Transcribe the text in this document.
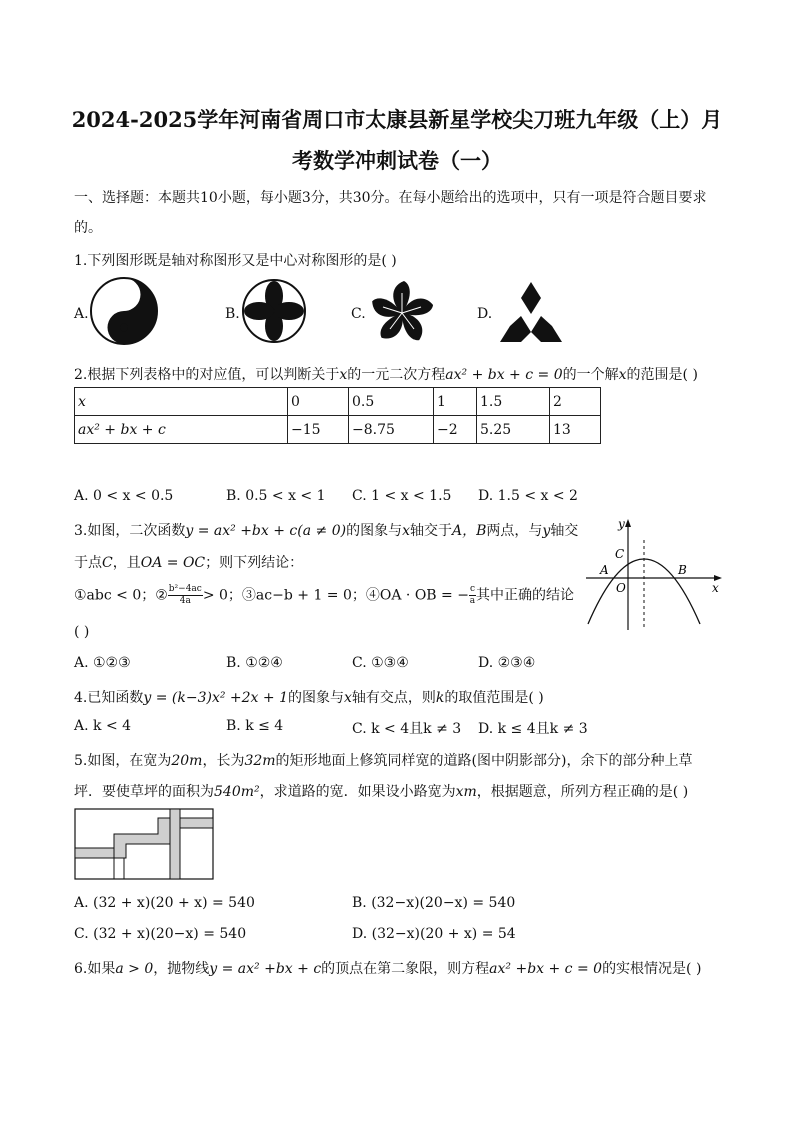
2024-2025学年河南省周口市太康县新星学校尖刀班九年级（上）月
考数学冲刺试卷（一）
一、选择题：本题共10小题，每小题3分，共30分。在每小题给出的选项中，只有一项是符合题目要求
的。
1.下列图形既是轴对称图形又是中心对称图形的是( )
A.	B.	C.	D.
2.根据下列表格中的对应值，可以判断关于x的一元二次方程ax² + bx + c = 0的一个解x的范围是( )
x	0	0.5	1	1.5	2
ax² + bx + c	−15	−8.75	−2	5.25	13
A. 0 < x < 0.5	B. 0.5 < x < 1 C. 1 < x < 1.5 D. 1.5 < x < 2
3.如图，二次函数y = ax² +bx + c(a ≠ 0)的图象与x轴交于A，B两点，与y轴交
于点C，且OA = OC；则下列结论：
①abc < 0；② $\frac{\text{b²−4ac}}{4a} > 0$；③ac−b + 1 = 0；④OA · OB = − $\frac{c}{a}$ 其中正确的结论
( )
y
x
C
A
O
B
A. ①②③	B. ①②④	C. ①③④	D. ②③④
4.已知函数y = (k−3)x² +2x + 1的图象与x轴有交点，则k的取值范围是( )
A. k < 4	B. k ≤ 4	C. k < 4且k ≠ 3 D. k ≤ 4且k ≠ 3
5.如图，在宽为20m，长为32m的矩形地面上修筑同样宽的道路(图中阴影部分)，余下的部分种上草
坪．要使草坪的面积为540m²，求道路的宽．如果设小路宽为xm，根据题意，所列方程正确的是( )
A. (32 + x)(20 + x) = 540	B. (32−x)(20−x) = 540
C. (32 + x)(20−x) = 540	D. (32−x)(20 + x) = 54
6.如果a > 0，抛物线y = ax² +bx + c的顶点在第二象限，则方程ax² +bx + c = 0的实根情况是( )
